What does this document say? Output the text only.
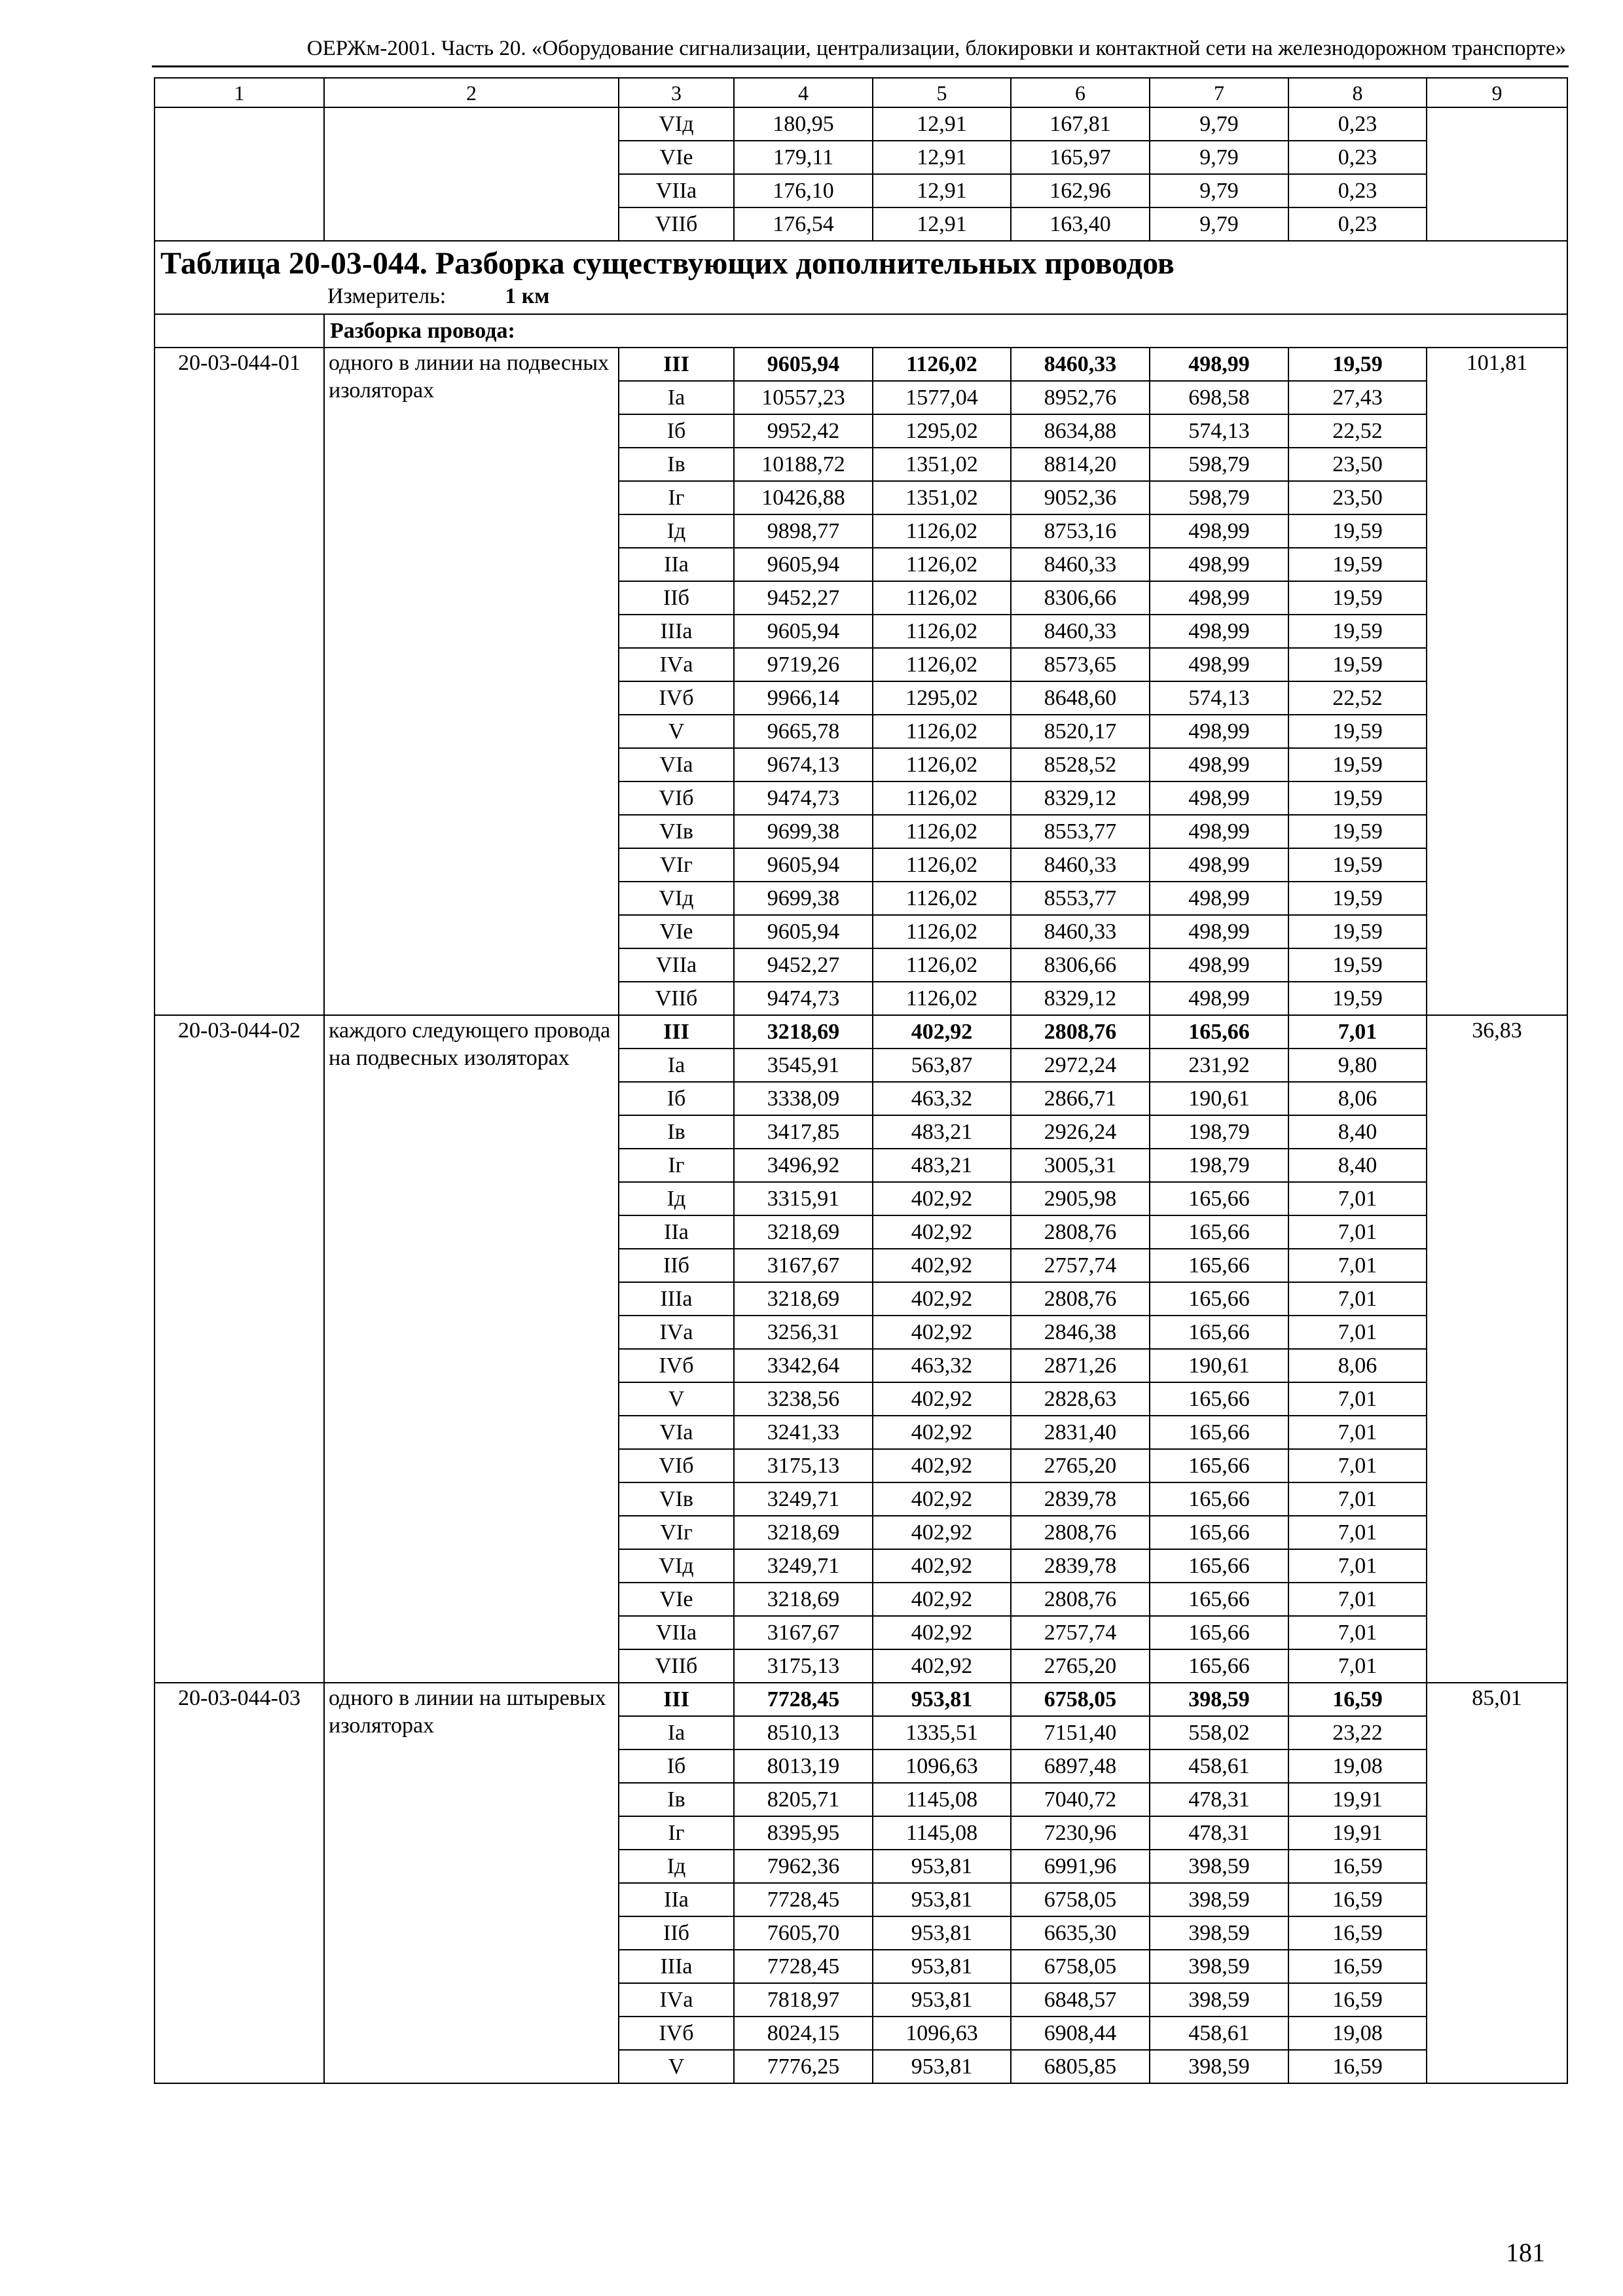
ОЕРЖм-2001. Часть 20. «Оборудование сигнализации, централизации, блокировки и контактной сети на железнодорожном транспорте»
1	2	3	4	5	6	7	8	9
		VIд	180,95	12,91	167,81	9,79	0,23	
		VIе	179,11	12,91	165,97	9,79	0,23	
		VIIа	176,10	12,91	162,96	9,79	0,23	
		VIIб	176,54	12,91	163,40	9,79	0,23	

Таблица 20-03-044. Разборка существующих дополнительных проводов
Измеритель: 1 км								

	Разборка провода:							
20-03-044-01	одного в линии на подвесных изоляторах	III	9605,94	1126,02	8460,33	498,99	19,59	101,81
		Iа	10557,23	1577,04	8952,76	698,58	27,43	
		Iб	9952,42	1295,02	8634,88	574,13	22,52	
		Iв	10188,72	1351,02	8814,20	598,79	23,50	
		Iг	10426,88	1351,02	9052,36	598,79	23,50	
		Iд	9898,77	1126,02	8753,16	498,99	19,59	
		IIа	9605,94	1126,02	8460,33	498,99	19,59	
		IIб	9452,27	1126,02	8306,66	498,99	19,59	
		IIIа	9605,94	1126,02	8460,33	498,99	19,59	
		IVа	9719,26	1126,02	8573,65	498,99	19,59	
		IVб	9966,14	1295,02	8648,60	574,13	22,52	
		V	9665,78	1126,02	8520,17	498,99	19,59	
		VIа	9674,13	1126,02	8528,52	498,99	19,59	
		VIб	9474,73	1126,02	8329,12	498,99	19,59	
		VIв	9699,38	1126,02	8553,77	498,99	19,59	
		VIг	9605,94	1126,02	8460,33	498,99	19,59	
		VIд	9699,38	1126,02	8553,77	498,99	19,59	
		VIе	9605,94	1126,02	8460,33	498,99	19,59	
		VIIа	9452,27	1126,02	8306,66	498,99	19,59	
		VIIб	9474,73	1126,02	8329,12	498,99	19,59	
20-03-044-02	каждого следующего провода на подвесных изоляторах	III	3218,69	402,92	2808,76	165,66	7,01	36,83
		Iа	3545,91	563,87	2972,24	231,92	9,80	
		Iб	3338,09	463,32	2866,71	190,61	8,06	
		Iв	3417,85	483,21	2926,24	198,79	8,40	
		Iг	3496,92	483,21	3005,31	198,79	8,40	
		Iд	3315,91	402,92	2905,98	165,66	7,01	
		IIа	3218,69	402,92	2808,76	165,66	7,01	
		IIб	3167,67	402,92	2757,74	165,66	7,01	
		IIIа	3218,69	402,92	2808,76	165,66	7,01	
		IVа	3256,31	402,92	2846,38	165,66	7,01	
		IVб	3342,64	463,32	2871,26	190,61	8,06	
		V	3238,56	402,92	2828,63	165,66	7,01	
		VIа	3241,33	402,92	2831,40	165,66	7,01	
		VIб	3175,13	402,92	2765,20	165,66	7,01	
		VIв	3249,71	402,92	2839,78	165,66	7,01	
		VIг	3218,69	402,92	2808,76	165,66	7,01	
		VIд	3249,71	402,92	2839,78	165,66	7,01	
		VIе	3218,69	402,92	2808,76	165,66	7,01	
		VIIа	3167,67	402,92	2757,74	165,66	7,01	
		VIIб	3175,13	402,92	2765,20	165,66	7,01	
20-03-044-03	одного в линии на штыревых изоляторах	III	7728,45	953,81	6758,05	398,59	16,59	85,01
		Iа	8510,13	1335,51	7151,40	558,02	23,22	
		Iб	8013,19	1096,63	6897,48	458,61	19,08	
		Iв	8205,71	1145,08	7040,72	478,31	19,91	
		Iг	8395,95	1145,08	7230,96	478,31	19,91	
		Iд	7962,36	953,81	6991,96	398,59	16,59	
		IIа	7728,45	953,81	6758,05	398,59	16,59	
		IIб	7605,70	953,81	6635,30	398,59	16,59	
		IIIа	7728,45	953,81	6758,05	398,59	16,59	
		IVа	7818,97	953,81	6848,57	398,59	16,59	
		IVб	8024,15	1096,63	6908,44	458,61	19,08	
		V	7776,25	953,81	6805,85	398,59	16,59	
181
